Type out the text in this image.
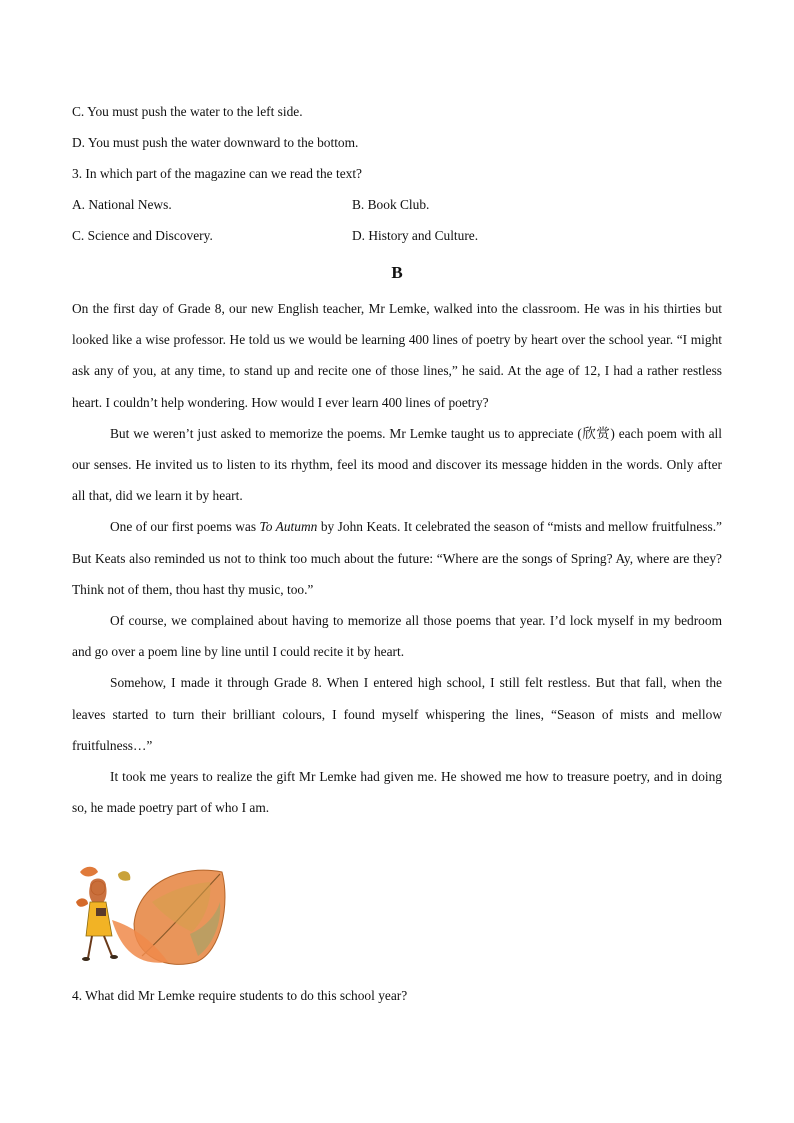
C. You must push the water to the left side.
D. You must push the water downward to the bottom.
3. In which part of the magazine can we read the text?
A. National News.	B. Book Club.
C. Science and Discovery.	D. History and Culture.
B

On the first day of Grade 8, our new English teacher, Mr Lemke, walked into the classroom. He was in his thirties but looked like a wise professor. He told us we would be learning 400 lines of poetry by heart over the school year. “I might ask any of you, at any time, to stand up and recite one of those lines,” he said. At the age of 12, I had a rather restless heart. I couldn’t help wondering. How would I ever learn 400 lines of poetry?

But we weren’t just asked to memorize the poems. Mr Lemke taught us to appreciate (欣赏) each poem with all our senses. He invited us to listen to its rhythm, feel its mood and discover its message hidden in the words. Only after all that, did we learn it by heart.

One of our first poems was To Autumn by John Keats. It celebrated the season of “mists and mellow fruitfulness.” But Keats also reminded us not to think too much about the future: “Where are the songs of Spring? Ay, where are they? Think not of them, thou hast thy music, too.”

Of course, we complained about having to memorize all those poems that year. I’d lock myself in my bedroom and go over a poem line by line until I could recite it by heart.

Somehow, I made it through Grade 8. When I entered high school, I still felt restless. But that fall, when the leaves started to turn their brilliant colours, I found myself whispering the lines, “Season of mists and mellow fruitfulness…”

It took me years to realize the gift Mr Lemke had given me. He showed me how to treasure poetry, and in doing so, he made poetry part of who I am.

4. What did Mr Lemke require students to do this school year?
